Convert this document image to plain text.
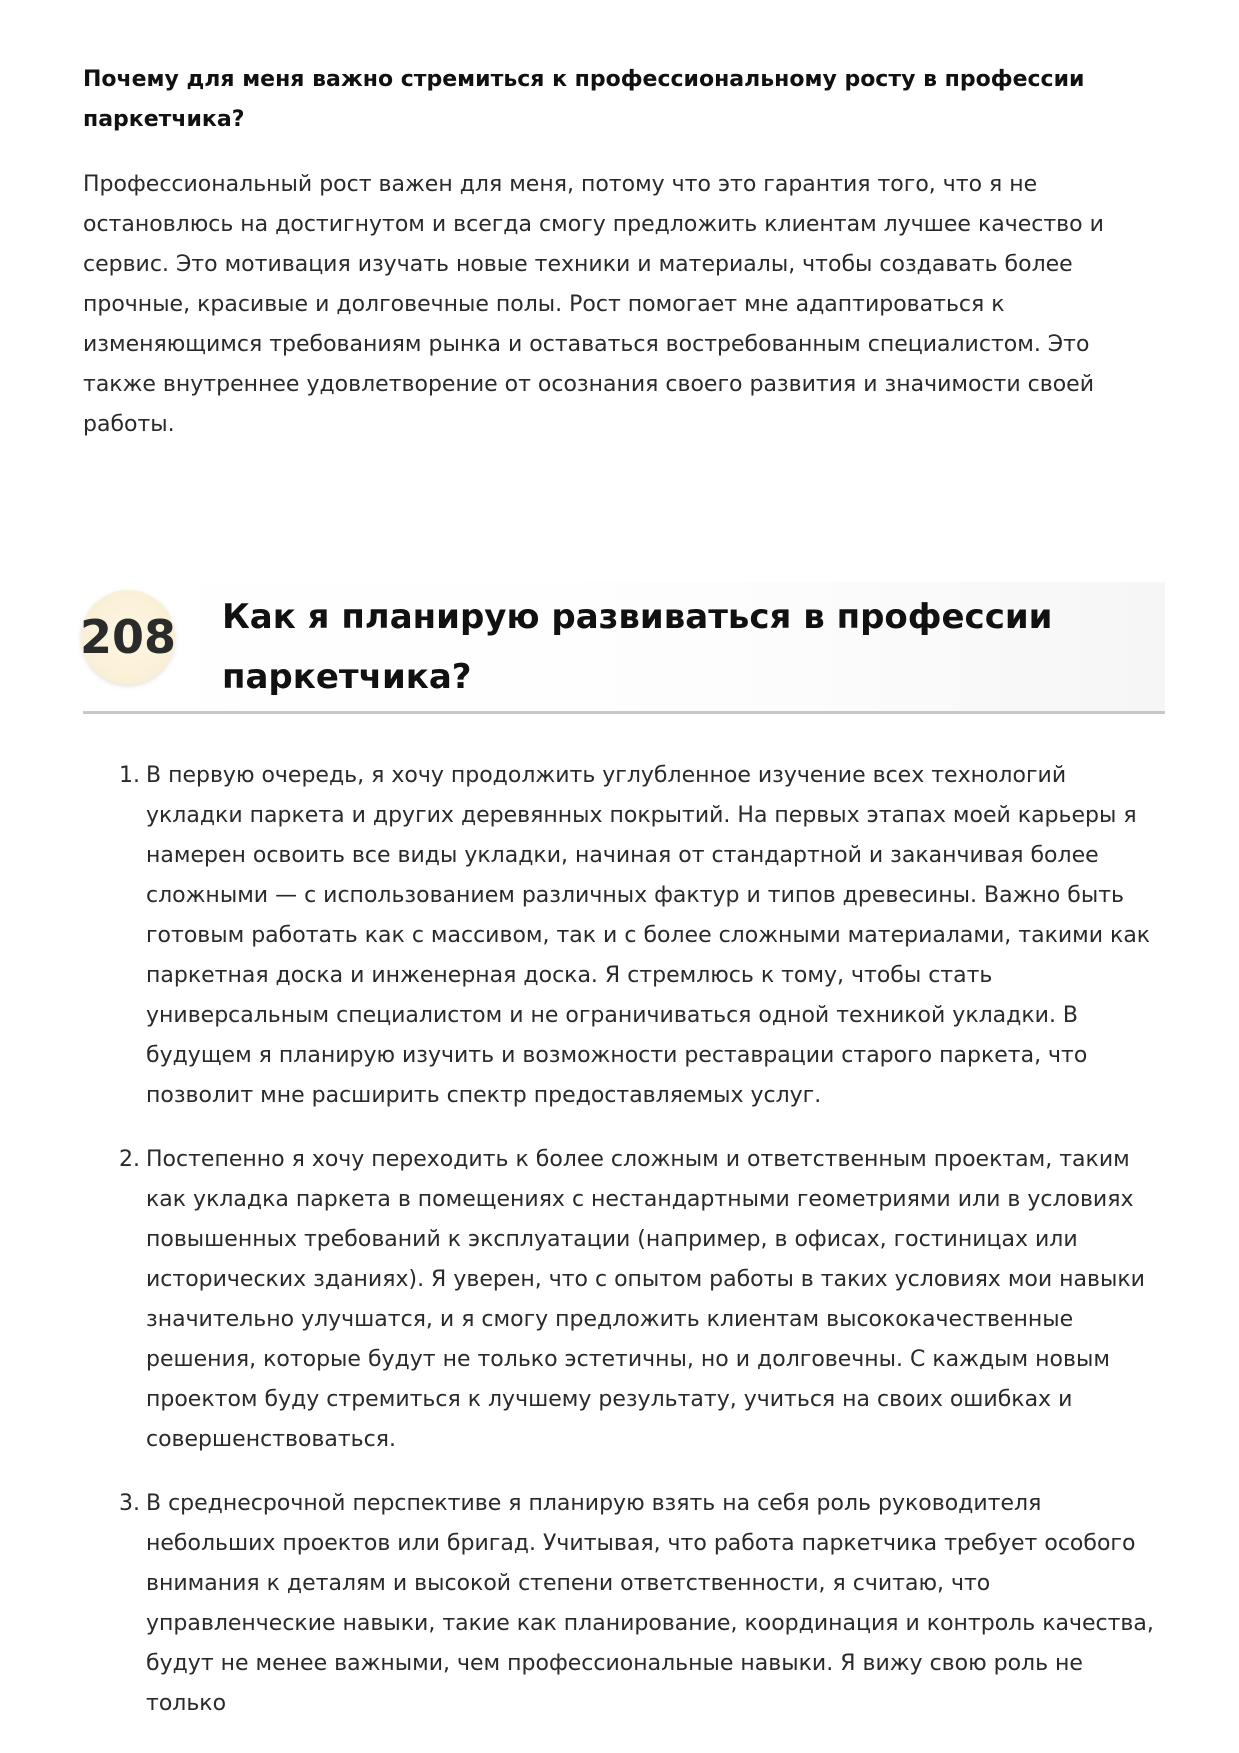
Почему для меня важно стремиться к профессиональному росту в профессии паркетчика?

Профессиональный рост важен для меня, потому что это гарантия того, что я не остановлюсь на достигнутом и всегда смогу предложить клиентам лучшее качество и сервис. Это мотивация изучать новые техники и материалы, чтобы создавать более прочные, красивые и долговечные полы. Рост помогает мне адаптироваться к изменяющимся требованиям рынка и оставаться востребованным специалистом. Это также внутреннее удовлетворение от осознания своего развития и значимости своей работы.

208 Как я планирую развиваться в профессии паркетчика?
1. В первую очередь, я хочу продолжить углубленное изучение всех технологий укладки паркета и других деревянных покрытий. На первых этапах моей карьеры я намерен освоить все виды укладки, начиная от стандартной и заканчивая более сложными — с использованием различных фактур и типов древесины. Важно быть готовым работать как с массивом, так и с более сложными материалами, такими как паркетная доска и инженерная доска. Я стремлюсь к тому, чтобы стать универсальным специалистом и не ограничиваться одной техникой укладки. В будущем я планирую изучить и возможности реставрации старого паркета, что позволит мне расширить спектр предоставляемых услуг.
2. Постепенно я хочу переходить к более сложным и ответственным проектам, таким как укладка паркета в помещениях с нестандартными геометриями или в условиях повышенных требований к эксплуатации (например, в офисах, гостиницах или исторических зданиях). Я уверен, что с опытом работы в таких условиях мои навыки значительно улучшатся, и я смогу предложить клиентам высококачественные решения, которые будут не только эстетичны, но и долговечны. С каждым новым проектом буду стремиться к лучшему результату, учиться на своих ошибках и совершенствоваться.
3. В среднесрочной перспективе я планирую взять на себя роль руководителя небольших проектов или бригад. Учитывая, что работа паркетчика требует особого внимания к деталям и высокой степени ответственности, я считаю, что управленческие навыки, такие как планирование, координация и контроль качества, будут не менее важными, чем профессиональные навыки. Я вижу свою роль не только
